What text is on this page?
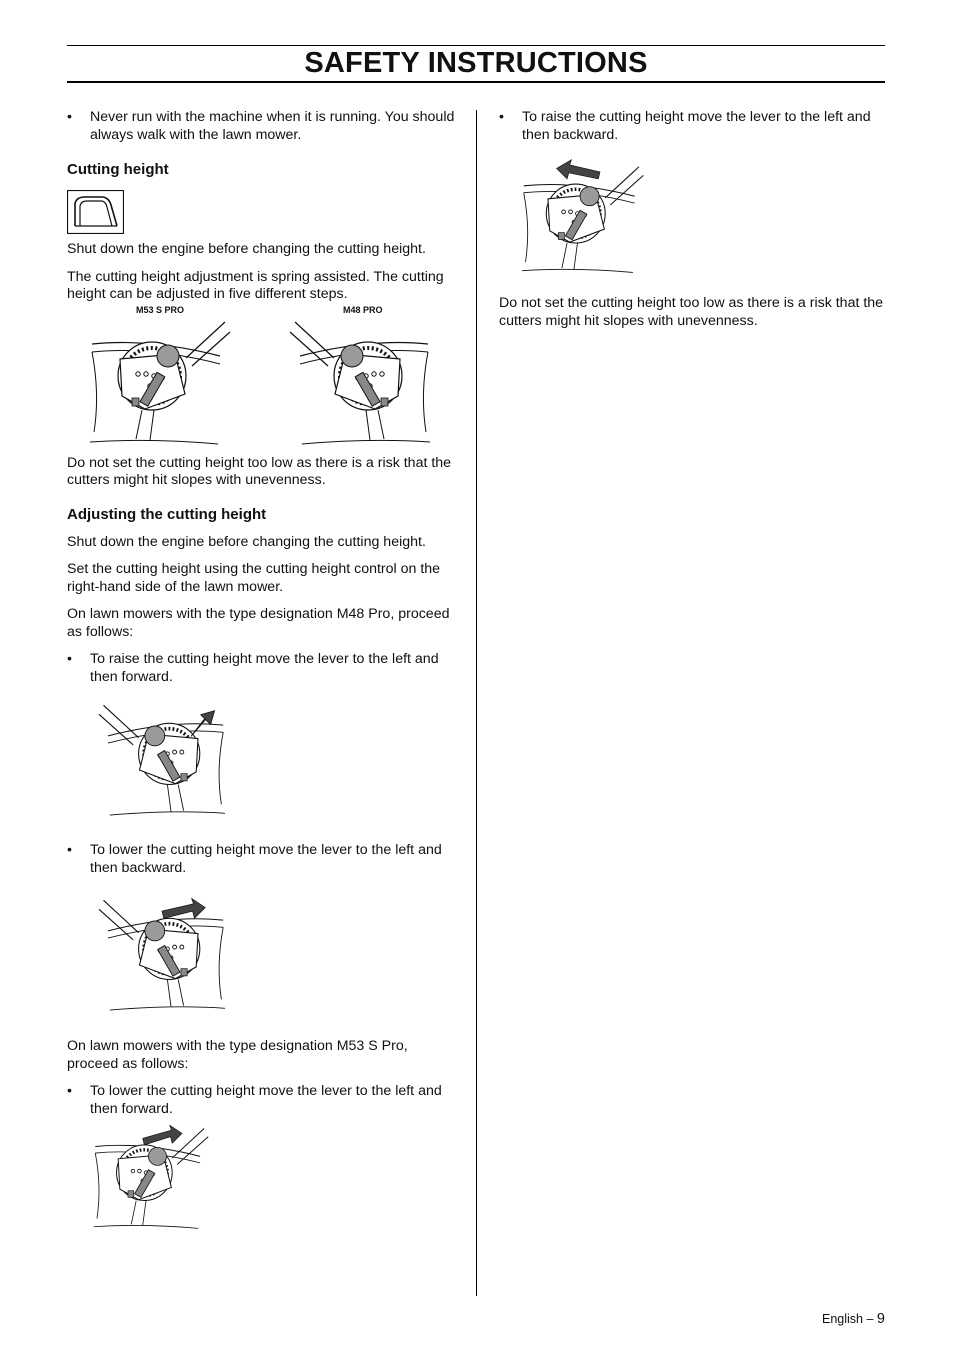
SAFETY INSTRUCTIONS
• Never run with the machine when it is running. You should always walk with the lawn mower.
Cutting height

Shut down the engine before changing the cutting height.

The cutting height adjustment is spring assisted. The cutting height can be adjusted in five different steps.

M53 S PRO	M48 PRO

Do not set the cutting height too low as there is a risk that the cutters might hit slopes with unevenness.

Adjusting the cutting height

Shut down the engine before changing the cutting height.

Set the cutting height using the cutting height control on the right-hand side of the lawn mower.

On lawn mowers with the type designation M48 Pro, proceed as follows:

• To raise the cutting height move the lever to the left and then forward.
• To lower the cutting height move the lever to the left and then backward.

On lawn mowers with the type designation M53 S Pro, proceed as follows:

• To lower the cutting height move the lever to the left and then forward.
• To raise the cutting height move the lever to the left and then backward.

Do not set the cutting height too low as there is a risk that the cutters might hit slopes with unevenness.

English – 9
